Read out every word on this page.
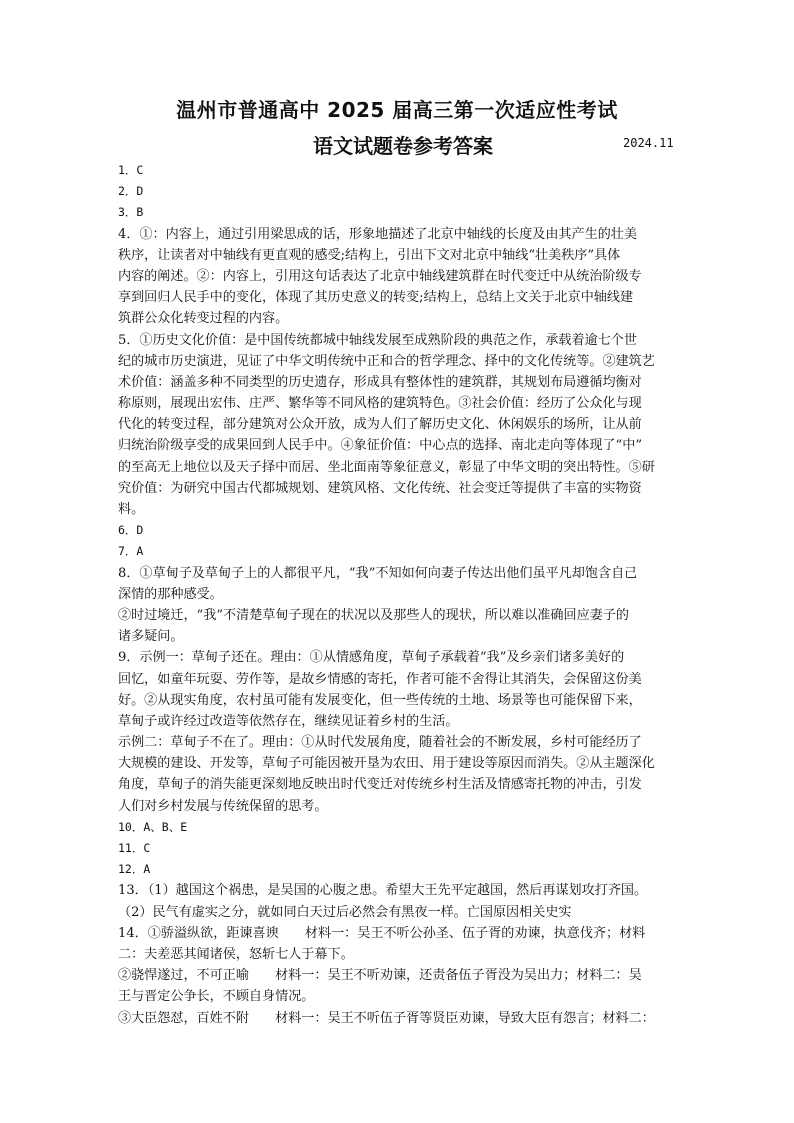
温州市普通高中 2025 届高三第一次适应性考试
语文试题卷参考答案	2024.11
1．C
2．D
3．B
4．①：内容上，通过引用梁思成的话，形象地描述了北京中轴线的长度及由其产生的壮美
秩序，让读者对中轴线有更直观的感受;结构上，引出下文对北京中轴线“壮美秩序”具体
内容的阐述。②：内容上，引用这句话表达了北京中轴线建筑群在时代变迁中从统治阶级专
享到回归人民手中的变化，体现了其历史意义的转变;结构上，总结上文关于北京中轴线建
筑群公众化转变过程的内容。
5．①历史文化价值：是中国传统都城中轴线发展至成熟阶段的典范之作，承载着逾七个世
纪的城市历史演进，见证了中华文明传统中正和合的哲学理念、择中的文化传统等。②建筑艺
术价值：涵盖多种不同类型的历史遗存，形成具有整体性的建筑群，其规划布局遵循均衡对
称原则，展现出宏伟、庄严、繁华等不同风格的建筑特色。③社会价值：经历了公众化与现
代化的转变过程，部分建筑对公众开放，成为人们了解历史文化、休闲娱乐的场所，让从前
归统治阶级享受的成果回到人民手中。④象征价值：中心点的选择、南北走向等体现了“中”
的至高无上地位以及天子择中而居、坐北面南等象征意义，彰显了中华文明的突出特性。⑤研
究价值：为研究中国古代都城规划、建筑风格、文化传统、社会变迁等提供了丰富的实物资
料。
6．D
7．A
8．①草甸子及草甸子上的人都很平凡，“我”不知如何向妻子传达出他们虽平凡却饱含自己
深情的那种感受。
②时过境迁，“我”不清楚草甸子现在的状况以及那些人的现状，所以难以准确回应妻子的
诸多疑问。
9．示例一：草甸子还在。理由：①从情感角度，草甸子承载着“我”及乡亲们诸多美好的
回忆，如童年玩耍、劳作等，是故乡情感的寄托，作者可能不舍得让其消失，会保留这份美
好。②从现实角度，农村虽可能有发展变化，但一些传统的土地、场景等也可能保留下来，
草甸子或许经过改造等依然存在，继续见证着乡村的生活。
示例二：草甸子不在了。理由：①从时代发展角度，随着社会的不断发展，乡村可能经历了
大规模的建设、开发等，草甸子可能因被开垦为农田、用于建设等原因而消失。②从主题深化
角度，草甸子的消失能更深刻地反映出时代变迁对传统乡村生活及情感寄托物的冲击，引发
人们对乡村发展与传统保留的思考。
10．A、B、E
11．C
12．A
13．（1）越国这个祸患，是吴国的心腹之患。希望大王先平定越国，然后再谋划攻打齐国。
（2）民气有虚实之分，就如同白天过后必然会有黑夜一样。亡国原因相关史实
14．①骄溢纵欲，距谏喜谀　　材料一：吴王不听公孙圣、伍子胥的劝谏，执意伐齐；材料
二：夫差恶其闻诸侯，怒斩七人于幕下。
②骁悍遂过，不可正喻　　材料一：吴王不听劝谏，还责备伍子胥没为吴出力；材料二：吴
王与晋定公争长，不顾自身情况。
③大臣怨怼，百姓不附　　材料一：吴王不听伍子胥等贤臣劝谏，导致大臣有怨言；材料二：
